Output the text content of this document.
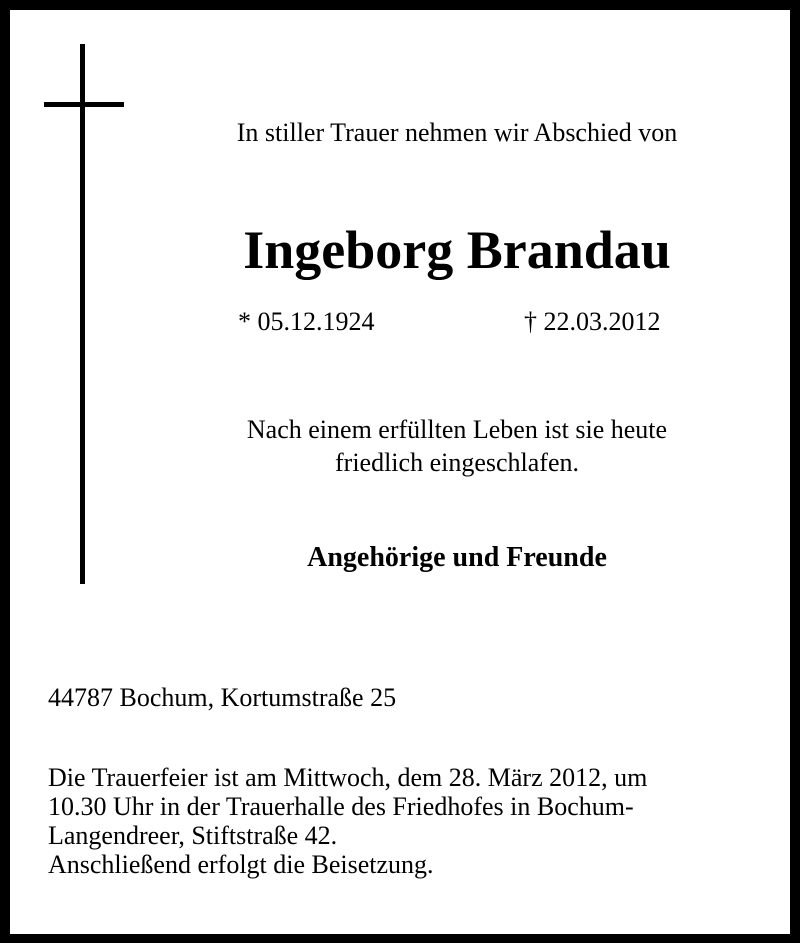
In stiller Trauer nehmen wir Abschied von
Ingeborg Brandau
* 05.12.1924	† 22.03.2012
Nach einem erfüllten Leben ist sie heute
friedlich eingeschlafen.
Angehörige und Freunde
44787 Bochum, Kortumstraße 25
Die Trauerfeier ist am Mittwoch, dem 28. März 2012, um
10.30 Uhr in der Trauerhalle des Friedhofes in Bochum-
Langendreer, Stiftstraße 42.
Anschließend erfolgt die Beisetzung.
